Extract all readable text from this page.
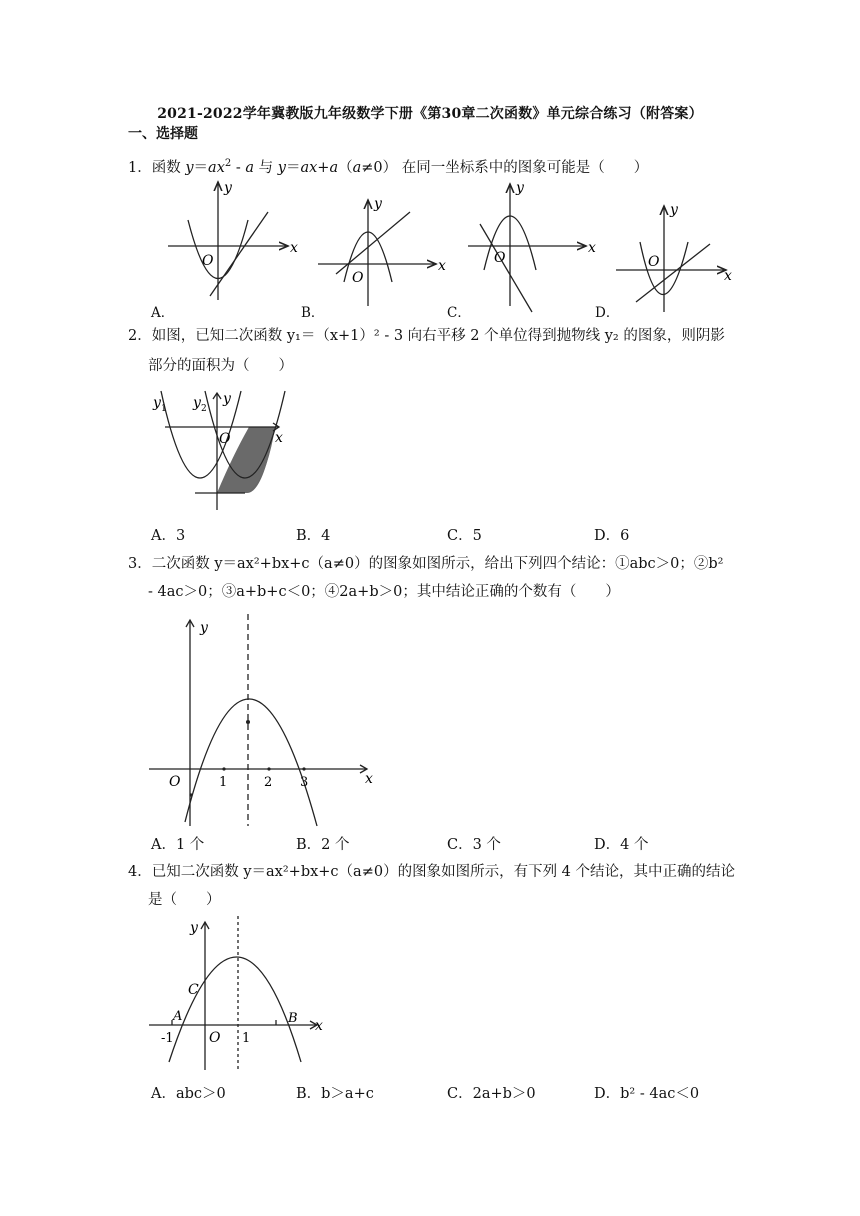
2021-2022学年冀教版九年级数学下册《第30章二次函数》单元综合练习（附答案）
一、选择题
1．函数 $y=ax^2 - a$ 与 y＝ax+a（a≠0） 在同一坐标系中的图象可能是（　　）
x
y
O	x
y
O
x
y
O
x
y
O
A．	B．	C．	D．
2．如图，已知二次函数 y₁＝（x+1）² - 3 向右平移 2 个单位得到抛物线 y₂ 的图象，则阴影
部分的面积为（　　）
y 1 y 2
y
O	x
A．3	B．4	C．5	D．6
3．二次函数 y＝ax²+bx+c（a≠0）的图象如图所示，给出下列四个结论：①abc＞0；②b²
- 4ac＞0；③a+b+c＜0；④2a+b＞0；其中结论正确的个数有（　　）
y
O	1	2 3	x
A．1 个	B．2 个	C．3 个	D．4 个
4．已知二次函数 y＝ax²+bx+c（a≠0）的图象如图所示，有下列 4 个结论，其中正确的结论
是（　　）
y
C
A	B
-1	O 1
x
A．abc＞0	B．b＞a+c	C．2a+b＞0	D．b² - 4ac＜0
